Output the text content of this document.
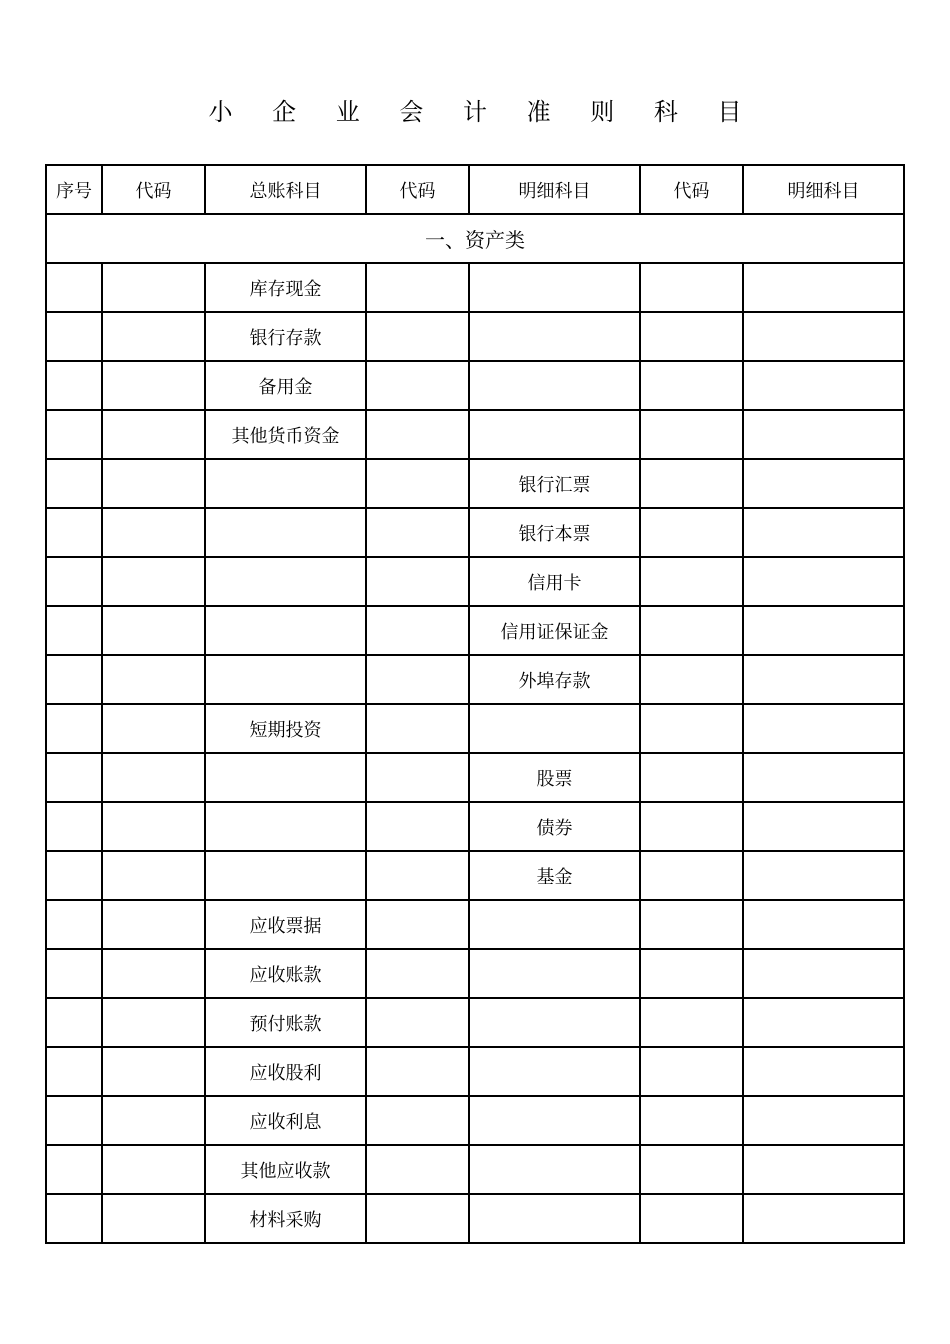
小 企 业 会 计 准 则 科 目
序号	代码	总账科目	代码	明细科目	代码	明细科目
一、资产类						
		库存现金				
		银行存款				
		备用金				
		其他货币资金				
				银行汇票		
				银行本票		
				信用卡		
				信用证保证金		
				外埠存款		
		短期投资				
				股票		
				债券		
				基金		
		应收票据				
		应收账款				
		预付账款				
		应收股利				
		应收利息				
		其他应收款				
		材料采购				
